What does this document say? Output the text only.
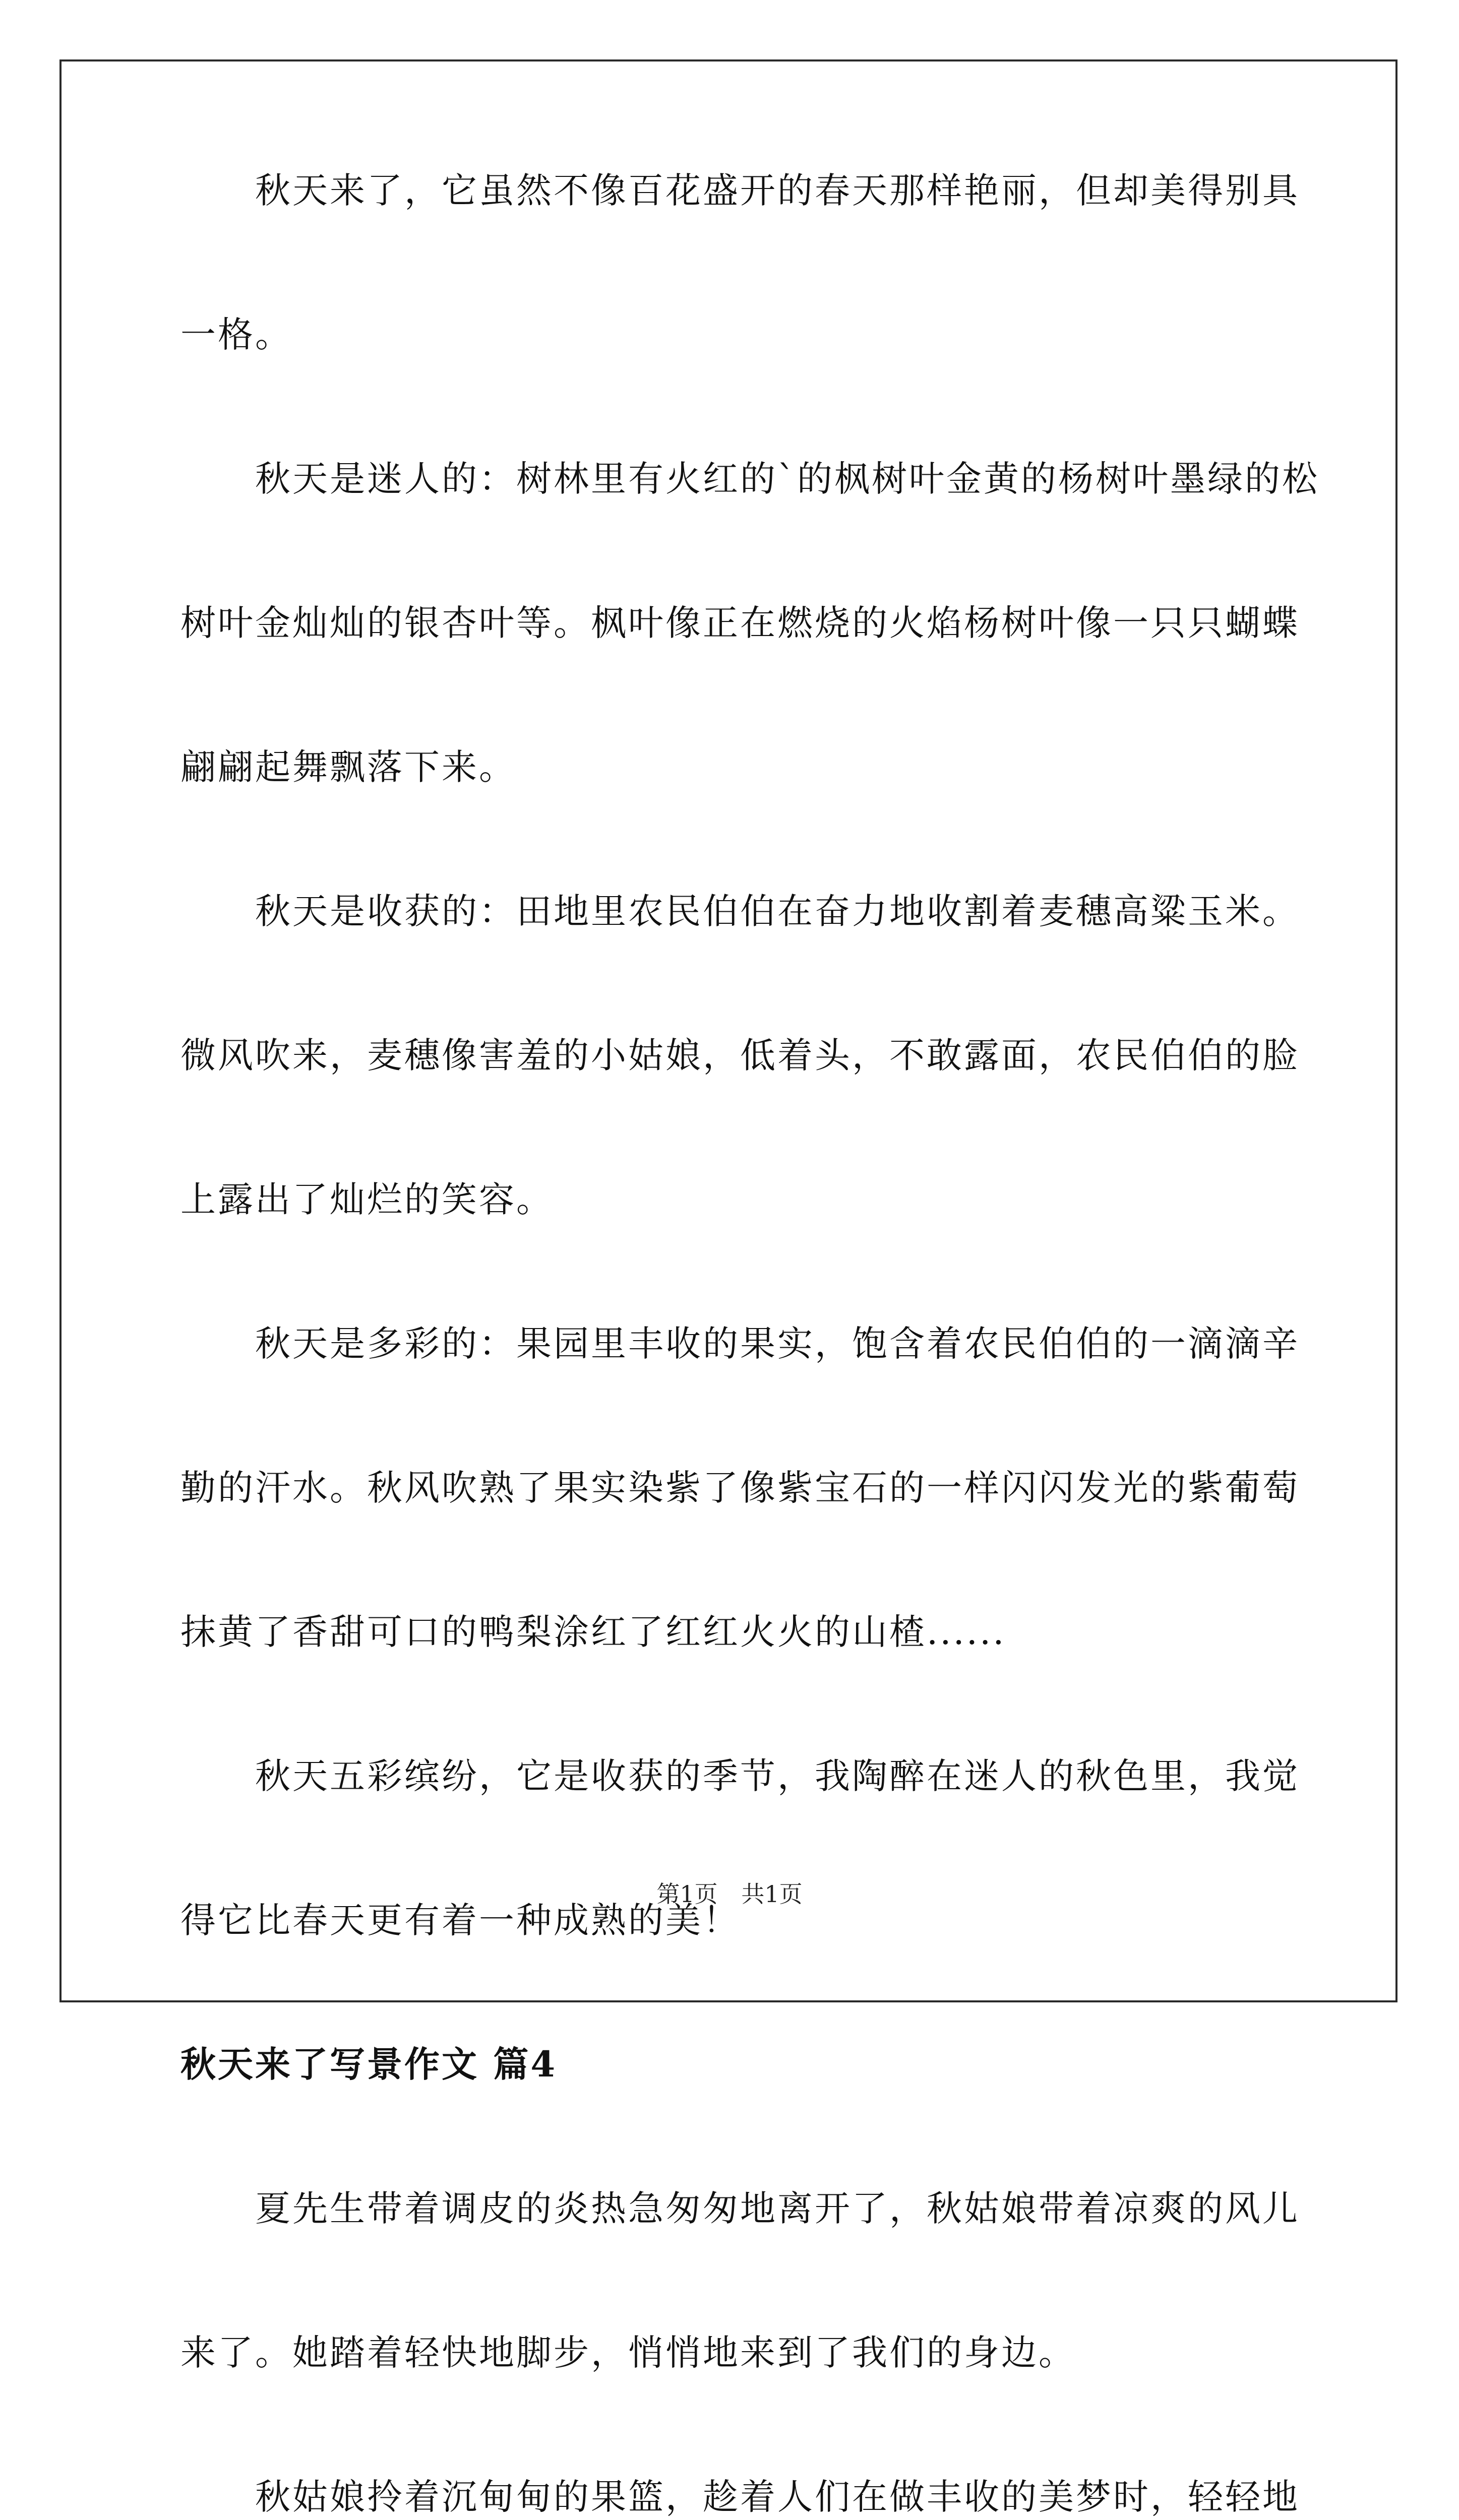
秋天来了，它虽然不像百花盛开的春天那样艳丽，但却美得别具

一格。

秋天是迷人的：树林里有火红的`的枫树叶金黄的杨树叶墨绿的松

树叶金灿灿的银杏叶等。枫叶像正在燃烧的火焰杨树叶像一只只蝴蝶

翩翩起舞飘落下来。

秋天是收获的：田地里农民伯伯在奋力地收割着麦穗高粱玉米。

微风吹来，麦穗像害羞的小姑娘，低着头，不敢露面，农民伯伯的脸

上露出了灿烂的笑容。

秋天是多彩的：果园里丰收的果实，饱含着农民伯伯的一滴滴辛

勤的汗水。秋风吹熟了果实染紫了像紫宝石的一样闪闪发光的紫葡萄

抹黄了香甜可口的鸭梨涂红了红红火火的山楂......

秋天五彩缤纷，它是收获的季节，我陶醉在迷人的秋色里，我觉

得它比春天更有着一种成熟的美！

秋天来了写景作文 篇4

夏先生带着调皮的炎热急匆匆地离开了，秋姑娘带着凉爽的风儿

来了。她踏着轻快地脚步，悄悄地来到了我们的身边。

秋姑娘拎着沉甸甸的果篮，趁着人们在做丰收的美梦时，轻轻地

第1页 共1页
